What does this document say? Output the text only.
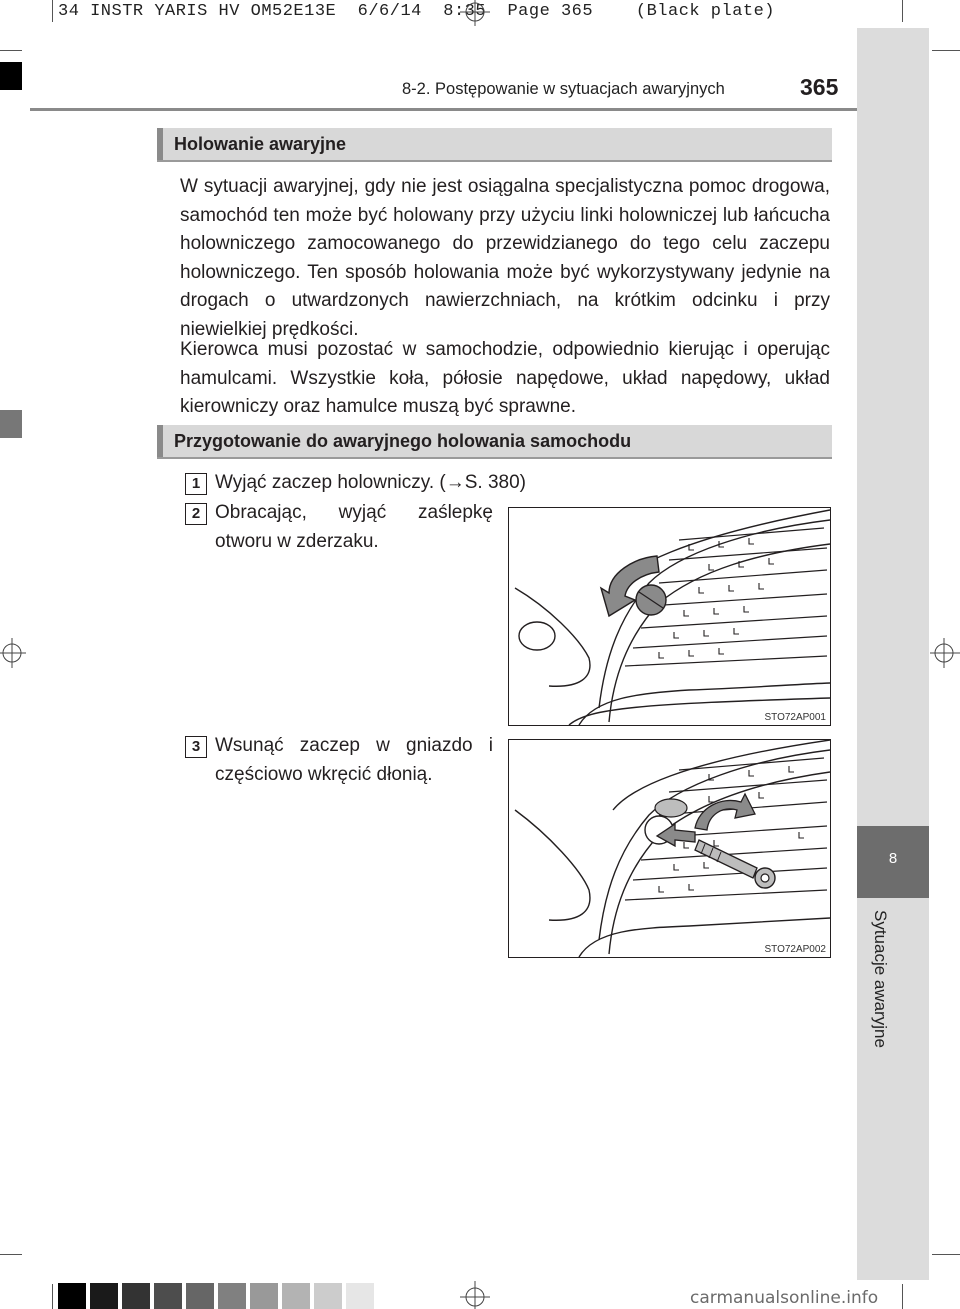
34 INSTR YARIS HV OM52E13E  6/6/14  8:35  Page 365    (Black plate)
8
Sytuacje awaryjne
8-2. Postępowanie w sytuacjach awaryjnych	365
Holowanie awaryjne

W sytuacji awaryjnej, gdy nie jest osiągalna specjalistyczna pomoc drogowa, samochód ten może być holowany przy użyciu linki holowniczej lub łańcucha holowniczego zamocowanego do przewidzianego do tego celu zaczepu holowniczego. Ten sposób holowania może być wykorzystywany jedynie na drogach o utwardzonych nawierzchniach, na krótkim odcinku i przy niewielkiej prędkości.

Kierowca musi pozostać w samochodzie, odpowiednio kierując i operując hamulcami. Wszystkie koła, półosie napędowe, układ napędowy, układ kierowniczy oraz hamulce muszą być sprawne.

Przygotowanie do awaryjnego holowania samochodu
1 Wyjąć zaczep holowniczy. (→S. 380)

2 Obracając, wyjąć zaślepkę otworu w zderzaku.

STO72AP001
3 Wsunąć zaczep w gniazdo i częściowo wkręcić dłonią.

STO72AP002
carmanualsonline.info
